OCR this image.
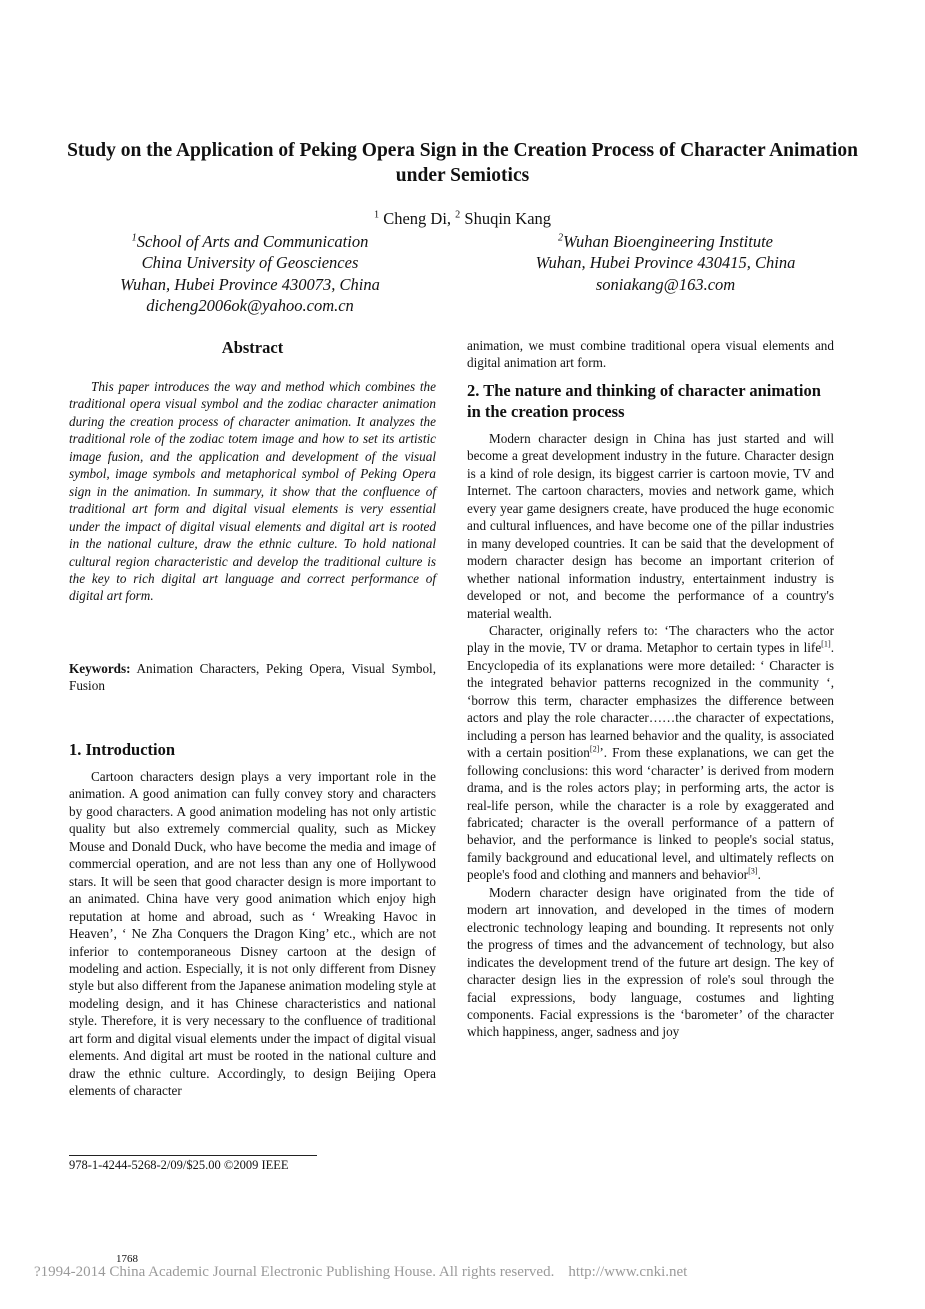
Study on the Application of Peking Opera Sign in the Creation Process of Character Animation under Semiotics
$^1$ Cheng Di, $^2$ Shuqin Kang
$^1$School of Arts and Communication
China University of Geosciences
Wuhan, Hubei Province 430073, China
dicheng2006ok@yahoo.com.cn
$^2$Wuhan Bioengineering Institute
Wuhan, Hubei Province 430415, China
soniakang@163.com
Abstract

This paper introduces the way and method which combines the traditional opera visual symbol and the zodiac character animation during the creation process of character animation. It analyzes the traditional role of the zodiac totem image and how to set its artistic image fusion, and the application and development of the visual symbol, image symbols and metaphorical symbol of Peking Opera sign in the animation. In summary, it show that the confluence of traditional art form and digital visual elements is very essential under the impact of digital visual elements and digital art is rooted in the national culture, draw the ethnic culture. To hold national cultural region characteristic and develop the traditional culture is the key to rich digital art language and correct performance of digital art form.

Keywords: Animation Characters, Peking Opera, Visual Symbol, Fusion

1. Introduction

Cartoon characters design plays a very important role in the animation. A good animation can fully convey story and characters by good characters. A good animation modeling has not only artistic quality but also extremely commercial quality, such as Mickey Mouse and Donald Duck, who have become the media and image of commercial operation, and are not less than any one of Hollywood stars. It will be seen that good character design is more important to an animated. China have very good animation which enjoy high reputation at home and abroad, such as ‘ Wreaking Havoc in Heaven’, ‘ Ne Zha Conquers the Dragon King’ etc., which are not inferior to contemporaneous Disney cartoon at the design of modeling and action. Especially, it is not only different from Disney style but also different from the Japanese animation modeling style at modeling design, and it has Chinese characteristics and national style. Therefore, it is very necessary to the confluence of traditional art form and digital visual elements under the impact of digital visual elements. And digital art must be rooted in the national culture and draw the ethnic culture. Accordingly, to design Beijing Opera elements of character

animation, we must combine traditional opera visual elements and digital animation art form.

2. The nature and thinking of character animation in the creation process

Modern character design in China has just started and will become a great development industry in the future. Character design is a kind of role design, its biggest carrier is cartoon movie, TV and Internet. The cartoon characters, movies and network game, which every year game designers create, have produced the huge economic and cultural influences, and have become one of the pillar industries in many developed countries. It can be said that the development of modern character design has become an important criterion of whether national information industry, entertainment industry is developed or not, and become the performance of a country's material wealth.

Character, originally refers to: ‘The characters who the actor play in the movie, TV or drama. Metaphor to certain types in life[1]. Encyclopedia of its explanations were more detailed: ‘ Character is the integrated behavior patterns recognized in the community ‘, ‘borrow this term, character emphasizes the difference between actors and play the role character……the character of expectations, including a person has learned behavior and the quality, is associated with a certain position[2]’. From these explanations, we can get the following conclusions: this word ‘character’ is derived from modern drama, and is the roles actors play; in performing arts, the actor is real-life person, while the character is a role by exaggerated and fabricated; character is the overall performance of a pattern of behavior, and the performance is linked to people's social status, family background and educational level, and ultimately reflects on people's food and clothing and manners and behavior[3].

Modern character design have originated from the tide of modern art innovation, and developed in the times of modern electronic technology leaping and bounding. It represents not only the progress of times and the advancement of technology, but also indicates the development trend of the future art design. The key of character design lies in the expression of role's soul through the facial expressions, body language, costumes and lighting components. Facial expressions is the ‘barometer’ of the character which happiness, anger, sadness and joy

978-1-4244-5268-2/09/$25.00 ©2009 IEEE
1768
?1994-2014 China Academic Journal Electronic Publishing House. All rights reserved. http://www.cnki.net
